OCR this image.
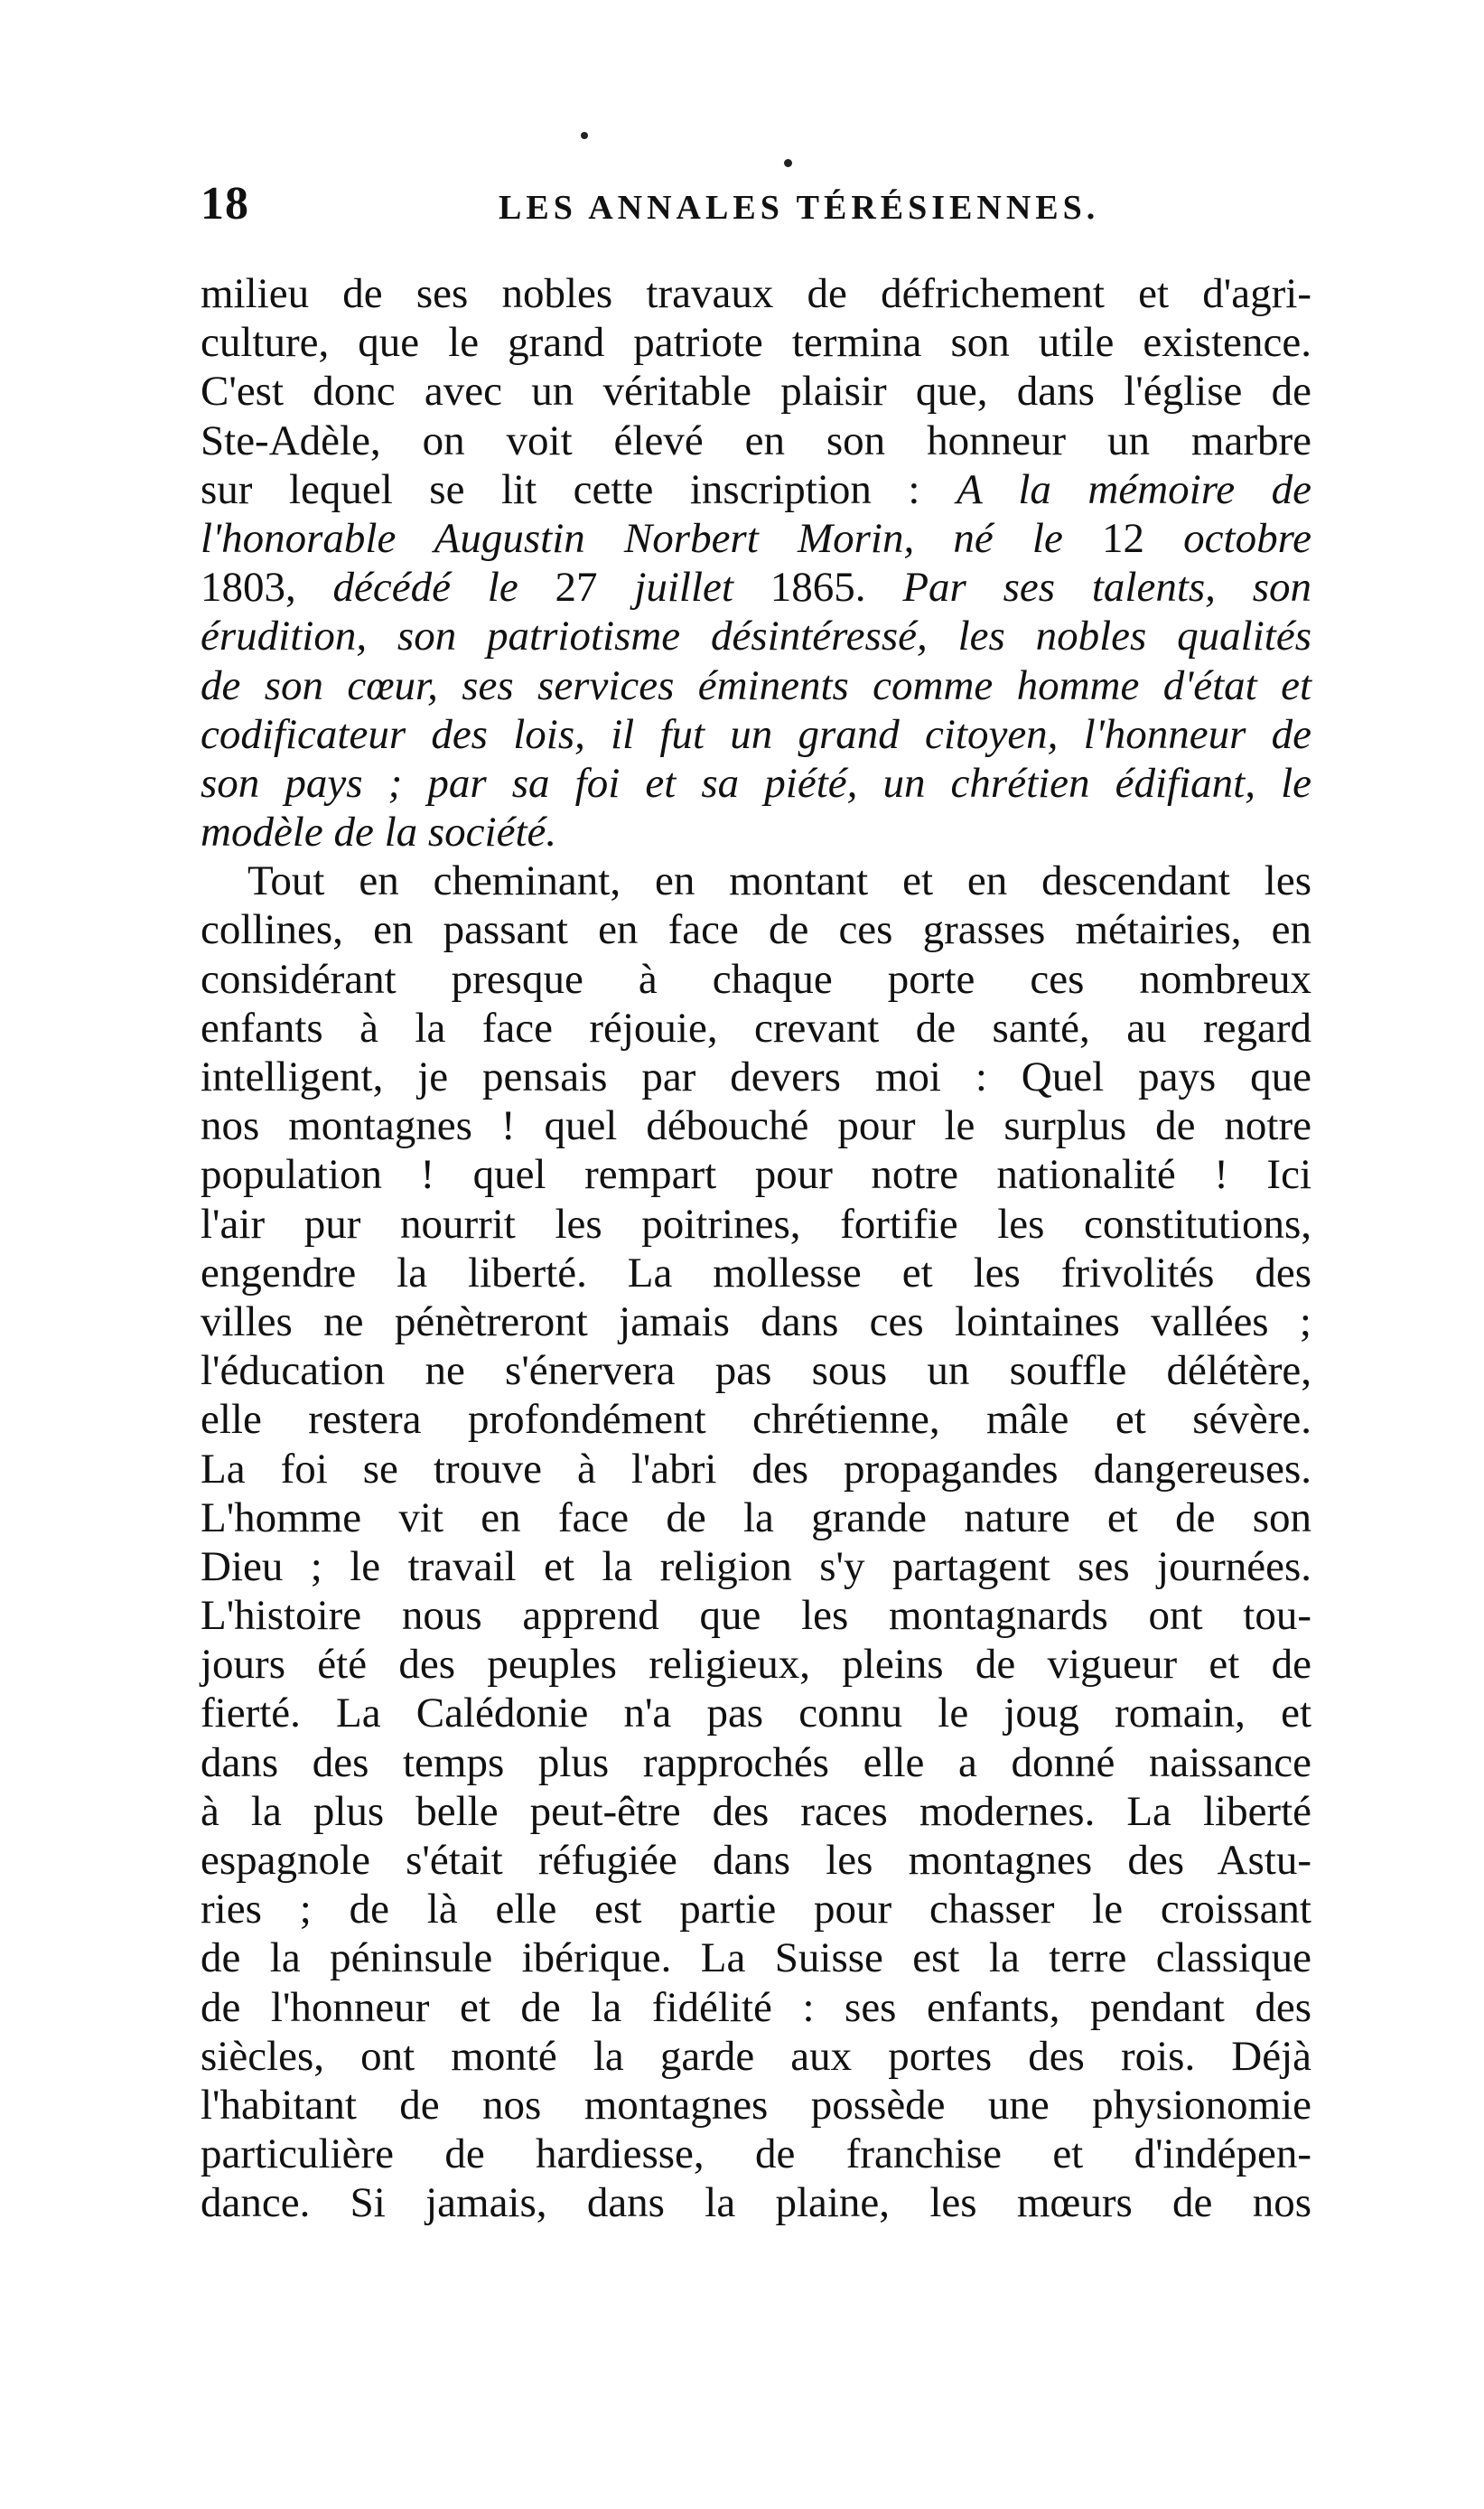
18	LES ANNALES TÉRÉSIENNES.
milieu de ses nobles travaux de défrichement et d'agri-
culture, que le grand patriote termina son utile existence.
C'est donc avec un véritable plaisir que, dans l'église de
Ste-Adèle, on voit élevé en son honneur un marbre
sur lequel se lit cette inscription : A la mémoire de
l'honorable Augustin Norbert Morin, né le 12 octobre
1803, décédé le 27 juillet 1865. Par ses talents, son
érudition, son patriotisme désintéressé, les nobles qualités
de son cœur, ses services éminents comme homme d'état et
codificateur des lois, il fut un grand citoyen, l'honneur de
son pays ; par sa foi et sa piété, un chrétien édifiant, le
modèle de la société.
Tout en cheminant, en montant et en descendant les
collines, en passant en face de ces grasses métairies, en
considérant presque à chaque porte ces nombreux
enfants à la face réjouie, crevant de santé, au regard
intelligent, je pensais par devers moi : Quel pays que
nos montagnes ! quel débouché pour le surplus de notre
population ! quel rempart pour notre nationalité ! Ici
l'air pur nourrit les poitrines, fortifie les constitutions,
engendre la liberté. La mollesse et les frivolités des
villes ne pénètreront jamais dans ces lointaines vallées ;
l'éducation ne s'énervera pas sous un souffle délétère,
elle restera profondément chrétienne, mâle et sévère.
La foi se trouve à l'abri des propagandes dangereuses.
L'homme vit en face de la grande nature et de son
Dieu ; le travail et la religion s'y partagent ses journées.
L'histoire nous apprend que les montagnards ont tou-
jours été des peuples religieux, pleins de vigueur et de
fierté. La Calédonie n'a pas connu le joug romain, et
dans des temps plus rapprochés elle a donné naissance
à la plus belle peut-être des races modernes. La liberté
espagnole s'était réfugiée dans les montagnes des Astu-
ries ; de là elle est partie pour chasser le croissant
de la péninsule ibérique. La Suisse est la terre classique
de l'honneur et de la fidélité : ses enfants, pendant des
siècles, ont monté la garde aux portes des rois. Déjà
l'habitant de nos montagnes possède une physionomie
particulière de hardiesse, de franchise et d'indépen-
dance. Si jamais, dans la plaine, les mœurs de nos
